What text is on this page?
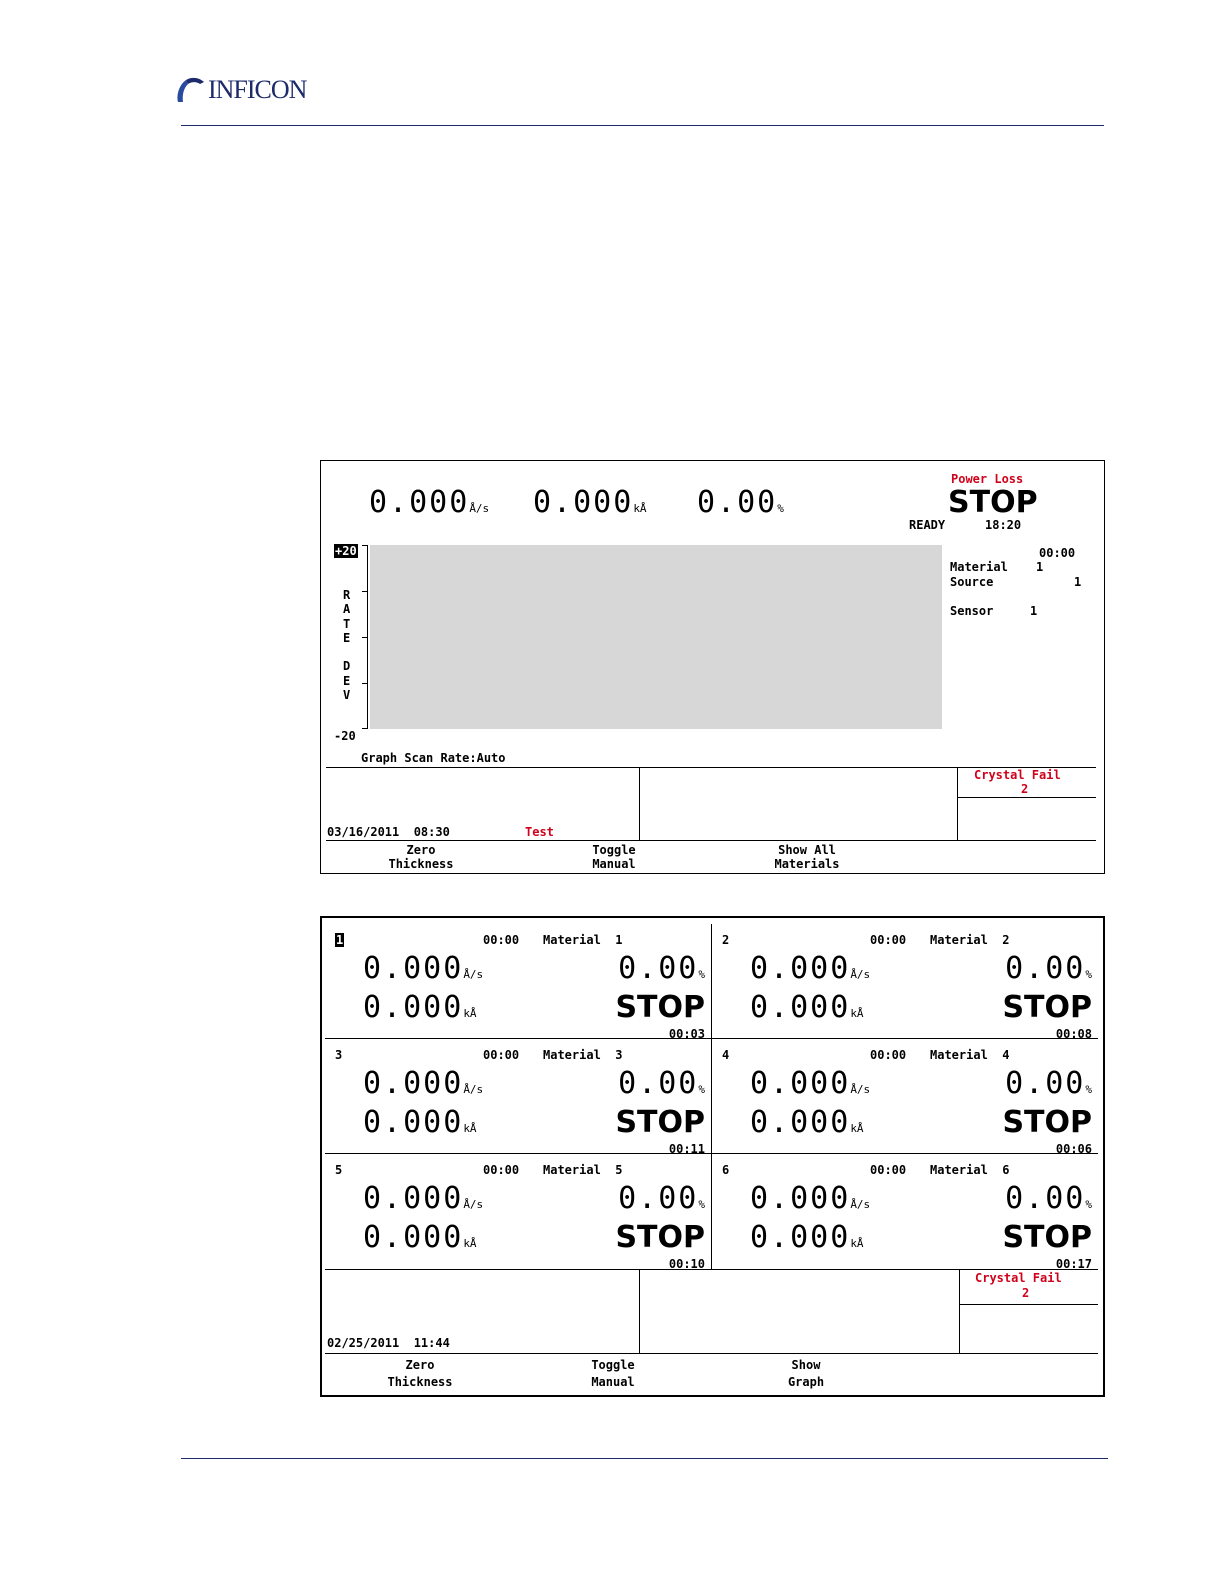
INFICON
0.000Å/s 0.000kÅ 0.00%
Power Loss
STOP
READY	18:20
+20
-20
R
A
T
E

D
E
V
00:00
Material 1
Source	1
Sensor	1
Graph Scan Rate:Auto
Crystal Fail
2
03/16/2011  08:30	Test
Zero
Thickness
Toggle
Manual
Show All
Materials
1	00:00 Material  1
0.000Å/s
0.000kÅ
0.00%
STOP
00:03
2	00:00 Material  2
0.000Å/s
0.000kÅ
0.00%
STOP
00:08
3	00:00 Material  3
0.000Å/s
0.000kÅ
0.00%
STOP
00:11
4	00:00 Material  4
0.000Å/s
0.000kÅ
0.00%
STOP
00:06
5	00:00 Material  5
0.000Å/s
0.000kÅ
0.00%
STOP
00:10
6	00:00 Material  6
0.000Å/s
0.000kÅ
0.00%
STOP
00:17
Crystal Fail
2
02/25/2011  11:44
Zero
Thickness
Toggle
Manual
Show
Graph
